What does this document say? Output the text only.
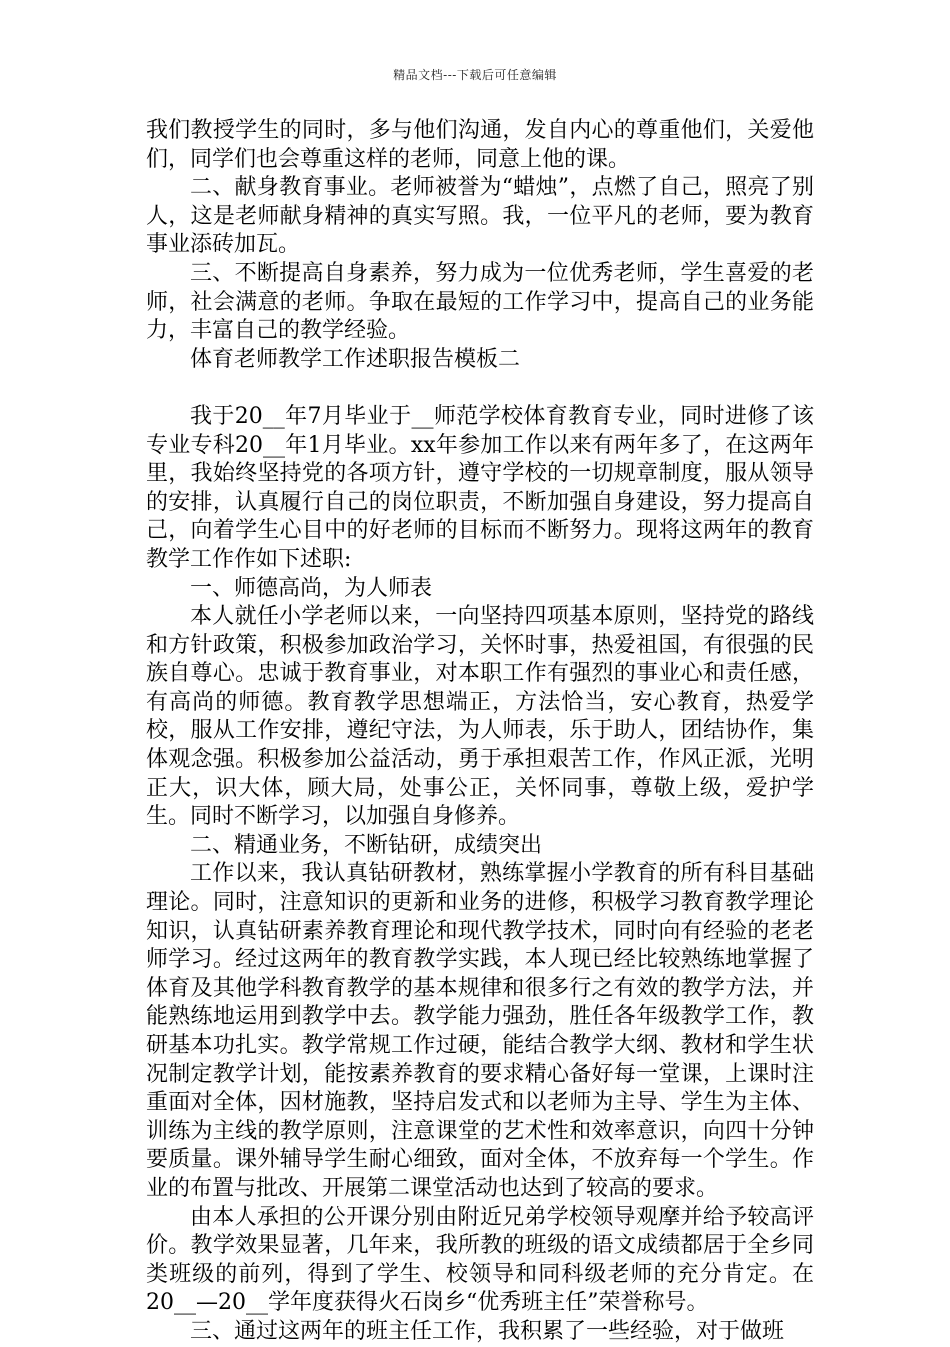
精品文档---下载后可任意编辑

我们教授学生的同时，多与他们沟通，发自内心的尊重他们，关爱他们，同学们也会尊重这样的老师，同意上他的课。

二、献身教育事业。老师被誉为“蜡烛”，点燃了自己，照亮了别人，这是老师献身精神的真实写照。我，一位平凡的老师，要为教育事业添砖加瓦。

三、不断提高自身素养，努力成为一位优秀老师，学生喜爱的老师，社会满意的老师。争取在最短的工作学习中，提高自己的业务能力，丰富自己的教学经验。

体育老师教学工作述职报告模板二

我于20__年7月毕业于__师范学校体育教育专业，同时进修了该专业专科20__年1月毕业。xx年参加工作以来有两年多了，在这两年里，我始终坚持党的各项方针，遵守学校的一切规章制度，服从领导的安排，认真履行自己的岗位职责，不断加强自身建设，努力提高自己，向着学生心目中的好老师的目标而不断努力。现将这两年的教育教学工作作如下述职:

一、师德高尚，为人师表

本人就任小学老师以来，一向坚持四项基本原则，坚持党的路线和方针政策，积极参加政治学习，关怀时事，热爱祖国，有很强的民族自尊心。忠诚于教育事业，对本职工作有强烈的事业心和责任感，有高尚的师德。教育教学思想端正，方法恰当，安心教育，热爱学校，服从工作安排，遵纪守法，为人师表，乐于助人，团结协作，集体观念强。积极参加公益活动，勇于承担艰苦工作，作风正派，光明正大，识大体，顾大局，处事公正，关怀同事，尊敬上级，爱护学生。同时不断学习，以加强自身修养。

二、精通业务，不断钻研，成绩突出

工作以来，我认真钻研教材，熟练掌握小学教育的所有科目基础理论。同时，注意知识的更新和业务的进修，积极学习教育教学理论知识，认真钻研素养教育理论和现代教学技术，同时向有经验的老老师学习。经过这两年的教育教学实践，本人现已经比较熟练地掌握了体育及其他学科教育教学的基本规律和很多行之有效的教学方法，并能熟练地运用到教学中去。教学能力强劲，胜任各年级教学工作，教研基本功扎实。教学常规工作过硬，能结合教学大纲、教材和学生状况制定教学计划，能按素养教育的要求精心备好每一堂课，上课时注重面对全体，因材施教，坚持启发式和以老师为主导、学生为主体、训练为主线的教学原则，注意课堂的艺术性和效率意识，向四十分钟要质量。课外辅导学生耐心细致，面对全体，不放弃每一个学生。作业的布置与批改、开展第二课堂活动也达到了较高的要求。

由本人承担的公开课分别由附近兄弟学校领导观摩并给予较高评价。教学效果显著，几年来，我所教的班级的语文成绩都居于全乡同类班级的前列，得到了学生、校领导和同科级老师的充分肯定。在20__—20__学年度获得火石岗乡“优秀班主任”荣誉称号。

三、通过这两年的班主任工作，我积累了一些经验，对于做班
